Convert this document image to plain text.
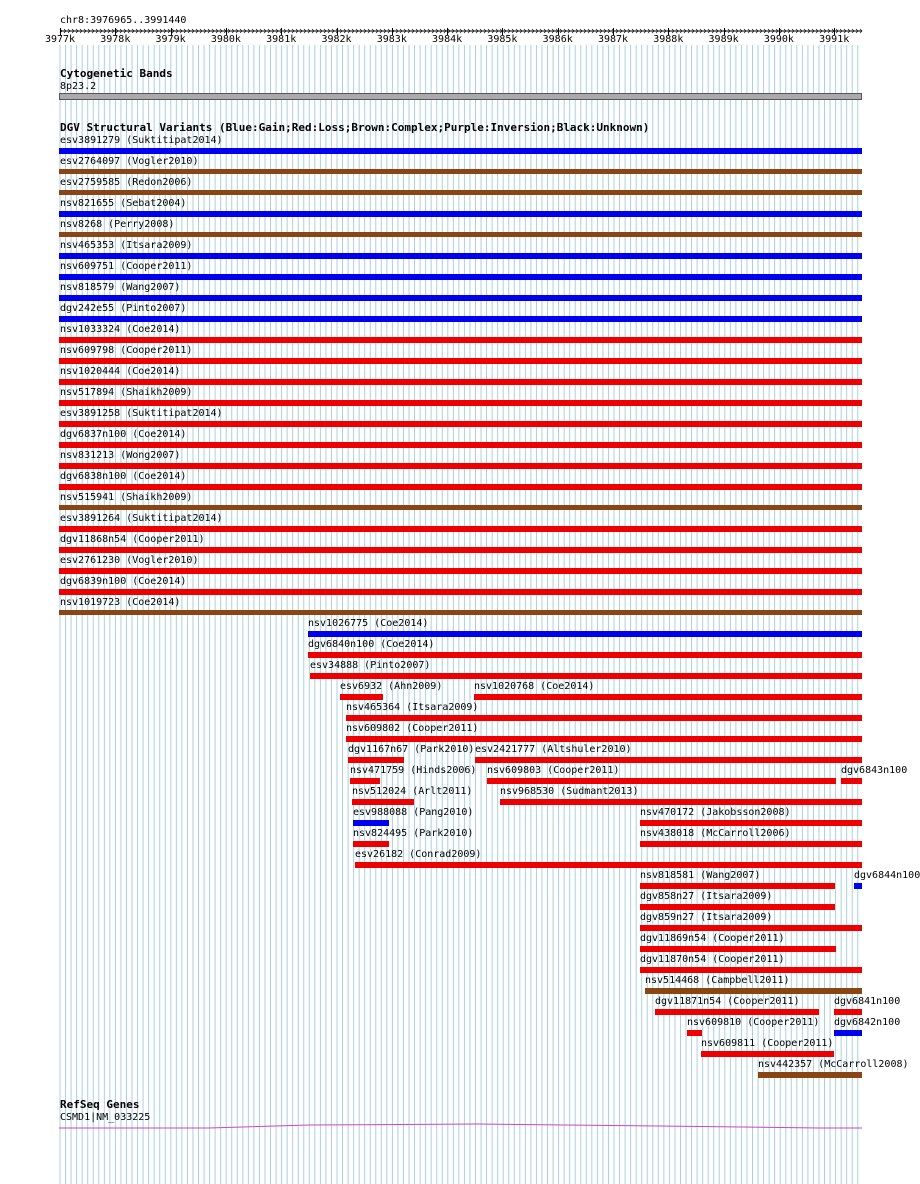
chr8:3976965..3991440
3977k	3978k	3979k	3980k	3981k	3982k	3983k	3984k	3985k	3986k	3987k	3988k	3989k	3990k	3991k
Cytogenetic Bands
8p23.2
DGV Structural Variants (Blue:Gain;Red:Loss;Brown:Complex;Purple:Inversion;Black:Unknown)
esv3891279 (Suktitipat2014)
esv2764097 (Vogler2010)
esv2759585 (Redon2006)
nsv821655 (Sebat2004)
nsv8268 (Perry2008)
nsv465353 (Itsara2009)
nsv609751 (Cooper2011)
nsv818579 (Wang2007)
dgv242e55 (Pinto2007)
nsv1033324 (Coe2014)
nsv609798 (Cooper2011)
nsv1020444 (Coe2014)
nsv517894 (Shaikh2009)
esv3891258 (Suktitipat2014)
dgv6837n100 (Coe2014)
nsv831213 (Wong2007)
dgv6838n100 (Coe2014)
nsv515941 (Shaikh2009)
esv3891264 (Suktitipat2014)
dgv11868n54 (Cooper2011)
esv2761230 (Vogler2010)
dgv6839n100 (Coe2014)
nsv1019723 (Coe2014)
nsv1026775 (Coe2014)
dgv6840n100 (Coe2014)
esv34888 (Pinto2007)
esv6932 (Ahn2009)	nsv1020768 (Coe2014)
nsv465364 (Itsara2009)
nsv609802 (Cooper2011)
dgv1167n67 (Park2010) esv2421777 (Altshuler2010)
nsv471759 (Hinds2006) nsv609803 (Cooper2011)	dgv6843n100
nsv512024 (Arlt2011)	nsv968530 (Sudmant2013)
esv988088 (Pang2010)	nsv470172 (Jakobsson2008)
nsv824495 (Park2010)	nsv438018 (McCarroll2006)
esv26182 (Conrad2009)
nsv818581 (Wang2007)	dgv6844n100
dgv858n27 (Itsara2009)
dgv859n27 (Itsara2009)
dgv11869n54 (Cooper2011)
dgv11870n54 (Cooper2011)
nsv514468 (Campbell2011)
dgv11871n54 (Cooper2011)	dgv6841n100
nsv609810 (Cooper2011) dgv6842n100
nsv609811 (Cooper2011)
nsv442357 (McCarroll2008)
RefSeq Genes
CSMD1|NM_033225
